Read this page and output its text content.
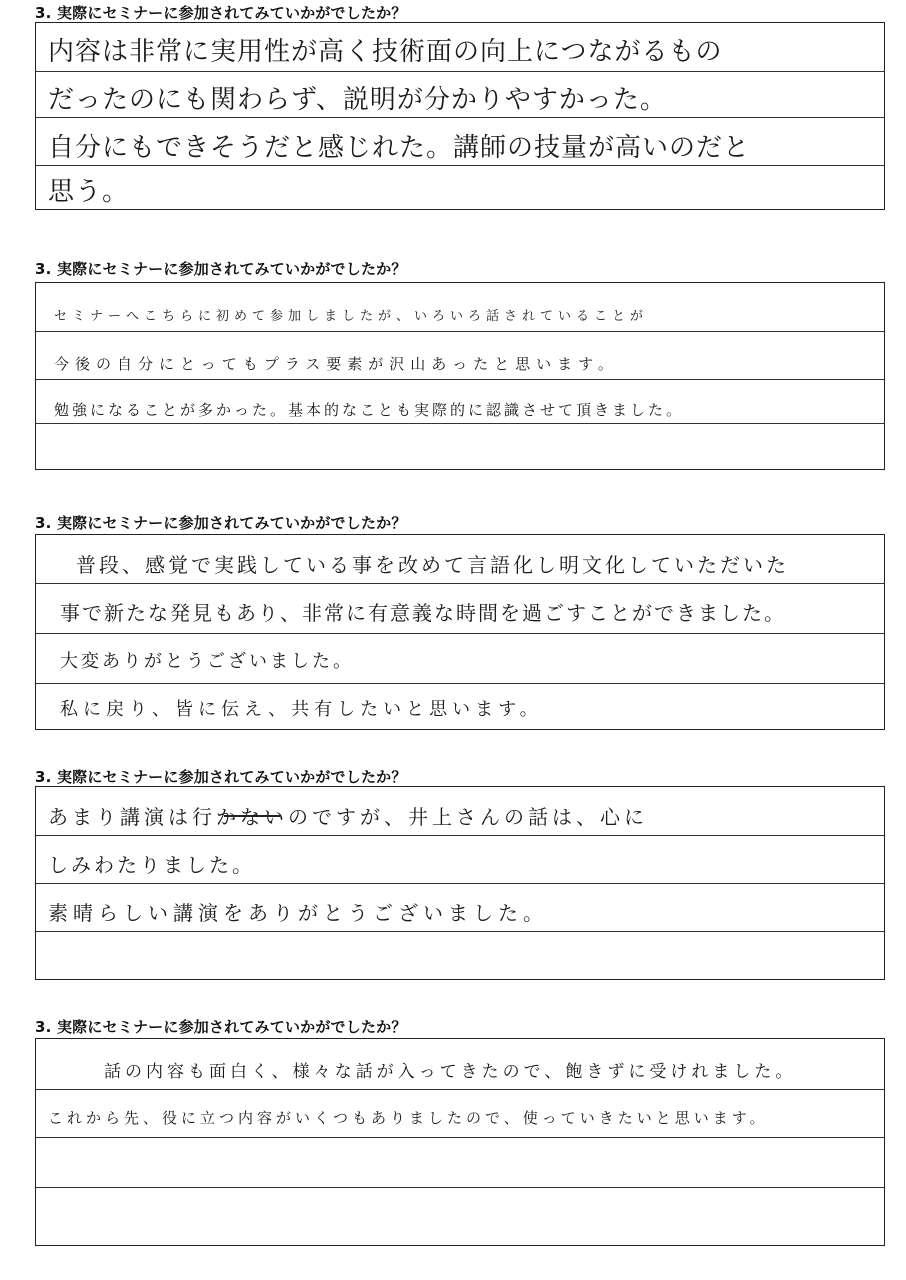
3. 実際にセミナーに参加されてみていかがでしたか？
内容は非常に実用性が高く技術面の向上につながるもの
だったのにも関わらず、説明が分かりやすかった。
自分にもできそうだと感じれた。講師の技量が高いのだと
思う。
3. 実際にセミナーに参加されてみていかがでしたか？
セミナーへこちらに初めて参加しましたが、いろいろ話されていることが
今後の自分にとってもプラス要素が沢山あったと思います。
勉強になることが多かった。基本的なことも実際的に認識させて頂きました。
3. 実際にセミナーに参加されてみていかがでしたか？
普段、感覚で実践している事を改めて言語化し明文化していただいた
事で新たな発見もあり、非常に有意義な時間を過ごすことができました。
大変ありがとうございました。
私に戻り、皆に伝え、共有したいと思います。
3. 実際にセミナーに参加されてみていかがでしたか？
あまり講演は行かないのですが、井上さんの話は、心に
しみわたりました。
素晴らしい講演をありがとうございました。
3. 実際にセミナーに参加されてみていかがでしたか？
話の内容も面白く、様々な話が入ってきたので、飽きずに受けれました。
これから先、役に立つ内容がいくつもありましたので、使っていきたいと思います。
